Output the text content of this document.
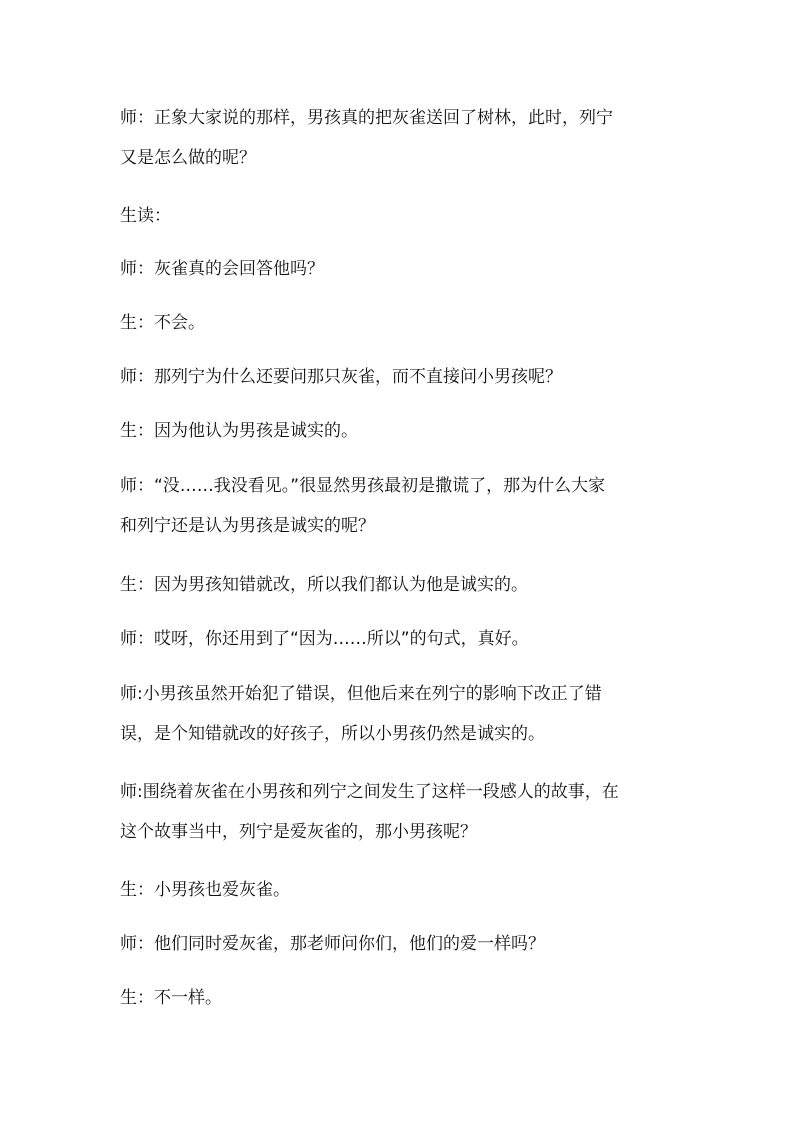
师：正象大家说的那样，男孩真的把灰雀送回了树林，此时，列宁
又是怎么做的呢？

生读：

师：灰雀真的会回答他吗？

生：不会。

师：那列宁为什么还要问那只灰雀，而不直接问小男孩呢？

生：因为他认为男孩是诚实的。

师：“没……我没看见。”很显然男孩最初是撒谎了，那为什么大家
和列宁还是认为男孩是诚实的呢？

生：因为男孩知错就改，所以我们都认为他是诚实的。

师：哎呀，你还用到了“因为……所以”的句式，真好。

师:小男孩虽然开始犯了错误，但他后来在列宁的影响下改正了错
误，是个知错就改的好孩子，所以小男孩仍然是诚实的。

师:围绕着灰雀在小男孩和列宁之间发生了这样一段感人的故事，在
这个故事当中，列宁是爱灰雀的，那小男孩呢？

生：小男孩也爱灰雀。

师：他们同时爱灰雀，那老师问你们，他们的爱一样吗？

生：不一样。
